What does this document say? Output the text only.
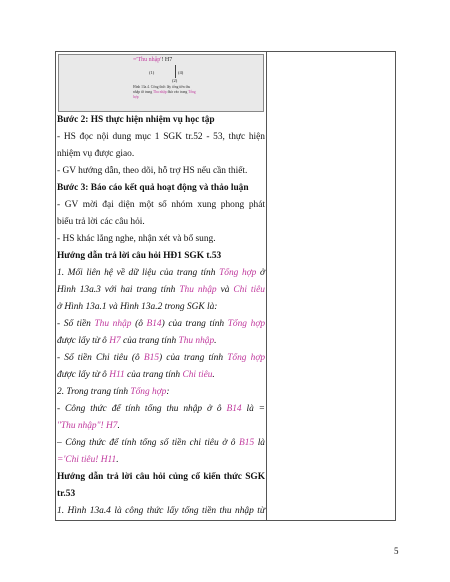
='Thu nhập'! H7
(1)	(4)
(2)
Hình 13a.4. Công thức lấy tổng tiền thu nhập từ trang Thu nhập đưa vào trang Tổng hợp

Bước 2: HS thực hiện nhiệm vụ học tập

- HS đọc nội dung mục 1 SGK tr.52 - 53, thực hiện

nhiệm vụ được giao.

- GV hướng dẫn, theo dõi, hỗ trợ HS nếu cần thiết.

Bước 3: Báo cáo kết quả hoạt động và thảo luận

- GV mời đại diện một số nhóm xung phong phát

biểu trả lời các câu hỏi.

- HS khác lắng nghe, nhận xét và bổ sung.

Hướng dẫn trả lời câu hỏi HĐ1 SGK t.53

1. Mối liên hệ về dữ liệu của trang tính Tổng hợp ở

Hình 13a.3 với hai trang tính Thu nhập và Chi tiêu

ở Hình 13a.1 và Hình 13a.2 trong SGK là:

- Số tiền Thu nhập (ô B14) của trang tính Tổng hợp

được lấy từ ô H7 của trang tính Thu nhập.

- Số tiền Chi tiêu (ô B15) của trang tính Tổng hợp

được lấy từ ô H11 của trang tính Chi tiêu.

2. Trong trang tính Tổng hợp:

- Công thức để tính tổng thu nhập ở ô B14 là =

"Thu nhập"! H7.

– Công thức để tính tổng số tiền chi tiêu ở ô B15 là

='Chi tiêu! H11.

Hướng dẫn trả lời câu hỏi củng cố kiến thức SGK

tr.53

1. Hình 13a.4 là công thức lấy tổng tiền thu nhập từ

5
